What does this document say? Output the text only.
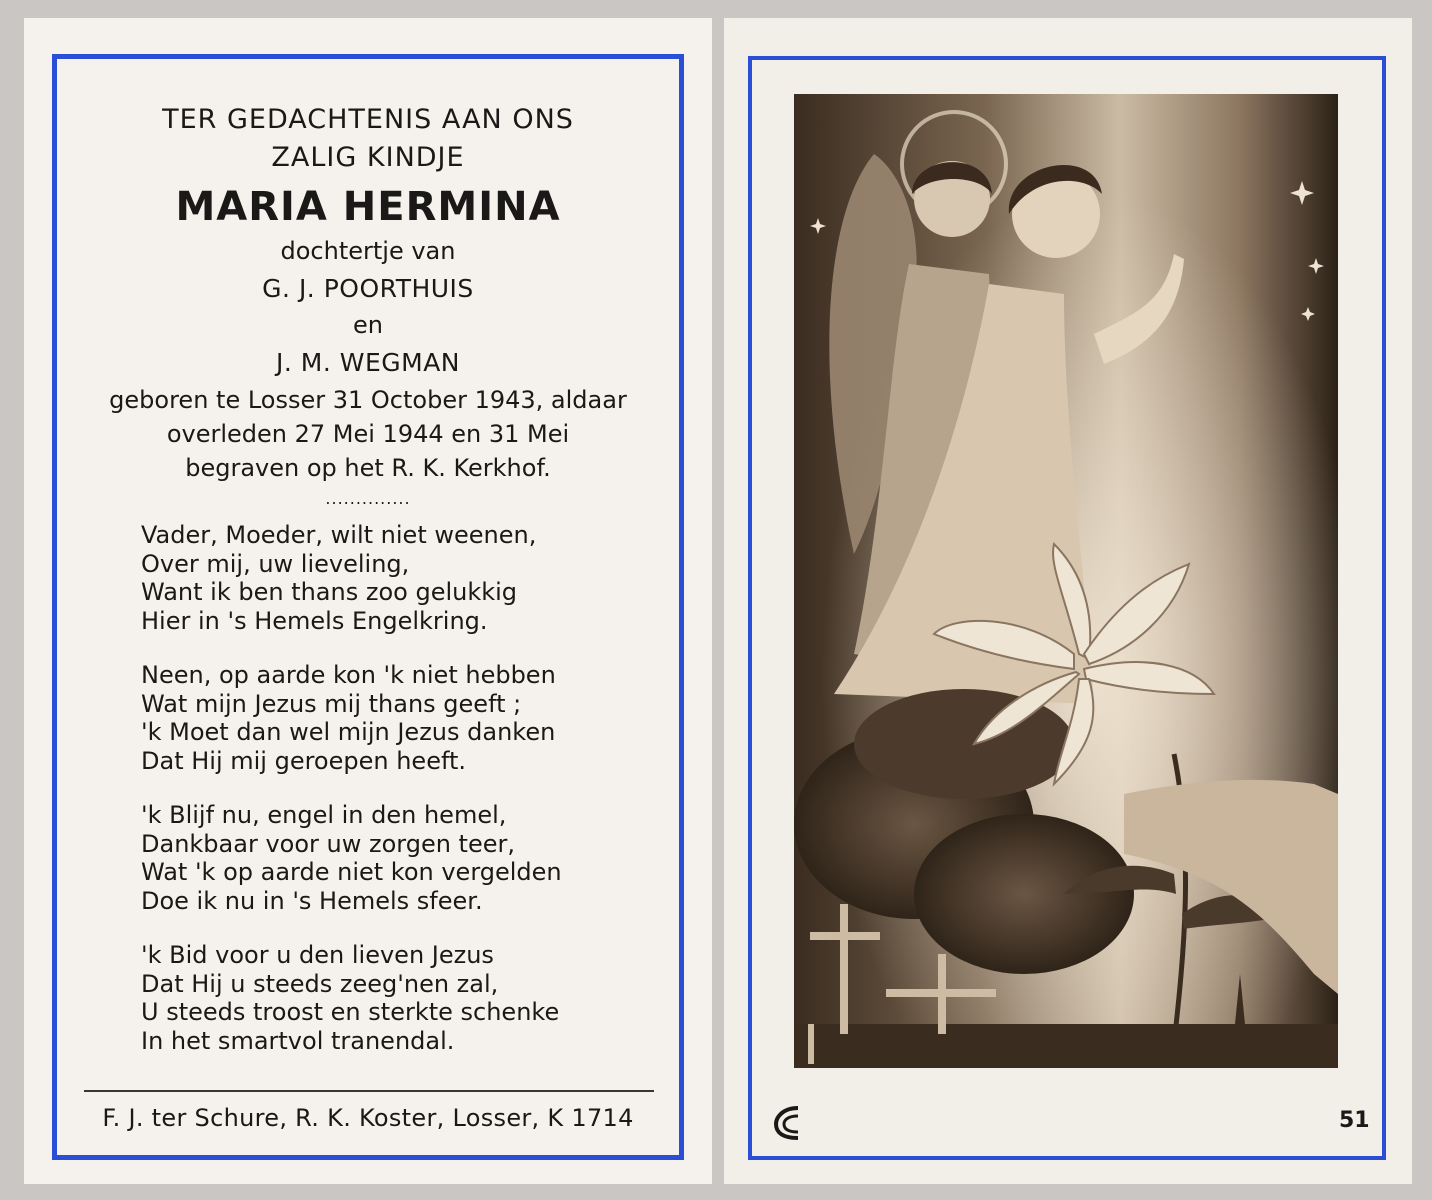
TER GEDACHTENIS AAN ONS
ZALIG KINDJE
MARIA HERMINA
dochtertje van
G. J. POORTHUIS
en
J. M. WEGMAN
geboren te Losser 31 October 1943, aldaar
overleden 27 Mei 1944 en 31 Mei
begraven op het R. K. Kerkhof.
..............
Vader, Moeder, wilt niet weenen,
Over mij, uw lieveling,
Want ik ben thans zoo gelukkig
Hier in 's Hemels Engelkring.
Neen, op aarde kon 'k niet hebben
Wat mijn Jezus mij thans geeft ;
'k Moet dan wel mijn Jezus danken
Dat Hij mij geroepen heeft.
'k Blijf nu, engel in den hemel,
Dankbaar voor uw zorgen teer,
Wat 'k op aarde niet kon vergelden
Doe ik nu in 's Hemels sfeer.
'k Bid voor u den lieven Jezus
Dat Hij u steeds zeeg'nen zal,
U steeds troost en sterkte schenke
In het smartvol tranendal.
F. J. ter Schure, R. K. Koster, Losser, K 1714	51
